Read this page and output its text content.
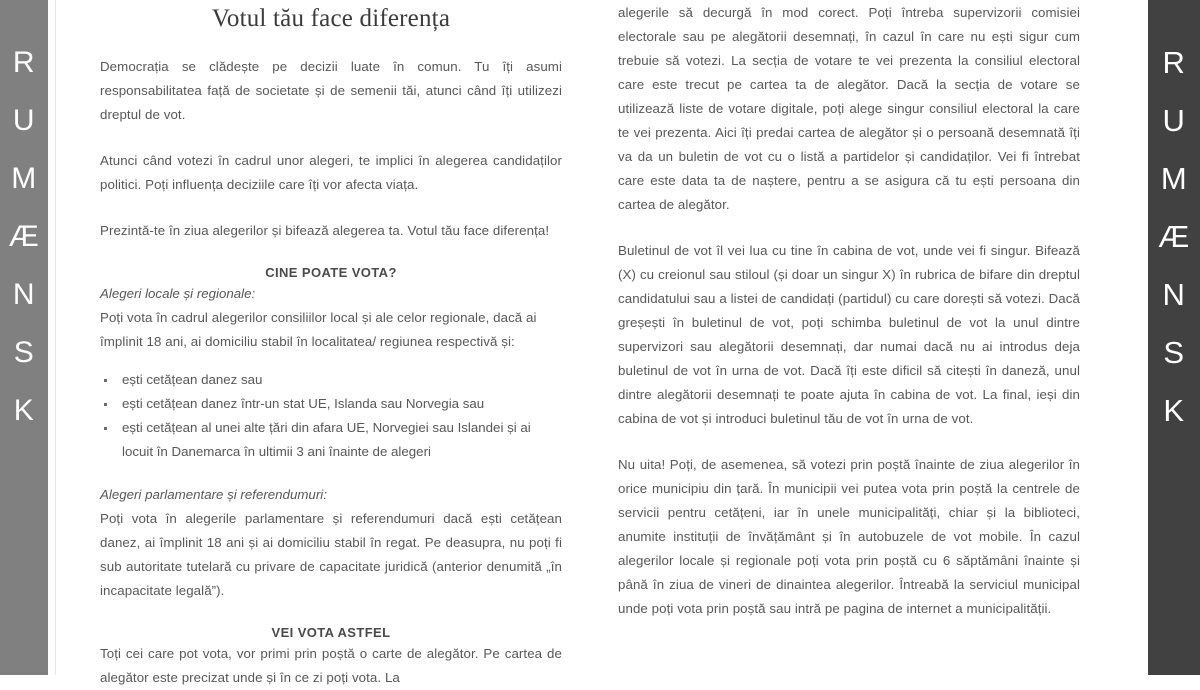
R
U
M
Æ
N
S
K
R
U
M
Æ
N
S
K
Votul tău face diferența

Democrația se clădește pe decizii luate în comun. Tu îți asumi responsabilitatea față de societate și de semenii tăi, atunci când îți utilizezi dreptul de vot.

Atunci când votezi în cadrul unor alegeri, te implici în alegerea candidaților politici. Poți influența deciziile care îți vor afecta viața.

Prezintă-te în ziua alegerilor și bifează alegerea ta. Votul tău face diferența!

CINE POATE VOTA?
Alegeri locale și regionale:

Poți vota în cadrul alegerilor consiliilor local și ale celor regionale, dacă ai împlinit 18 ani, ai domiciliu stabil în localitatea/ regiunea respectivă și:

ești cetățean danez sau
ești cetățean danez într-un stat UE, Islanda sau Norvegia sau
ești cetățean al unei alte țări din afara UE, Norvegiei sau Islandei și ai locuit în Danemarca în ultimii 3 ani înainte de alegeri
Alegeri parlamentare și referendumuri:

Poți vota în alegerile parlamentare și referendumuri dacă ești cetățean danez, ai împlinit 18 ani și ai domiciliu stabil în regat. Pe deasupra, nu poți fi sub autoritate tutelară cu privare de capacitate juridică (anterior denumită „în incapacitate legală”).

VEI VOTA ASTFEL

Toți cei care pot vota, vor primi prin poștă o carte de alegător. Pe cartea de alegător este precizat unde și în ce zi poți vota. La

alegerile să decurgă în mod corect. Poți întreba supervizorii comisiei electorale sau pe alegătorii desemnați, în cazul în care nu ești sigur cum trebuie să votezi. La secția de votare te vei prezenta la consiliul electoral care este trecut pe cartea ta de alegător. Dacă la secția de votare se utilizează liste de votare digitale, poți alege singur consiliul electoral la care te vei prezenta. Aici îți predai cartea de alegător și o persoană desemnată îți va da un buletin de vot cu o listă a partidelor și candidaților. Vei fi întrebat care este data ta de naștere, pentru a se asigura că tu ești persoana din cartea de alegător.

Buletinul de vot îl vei lua cu tine în cabina de vot, unde vei fi singur. Bifează (X) cu creionul sau stiloul (și doar un singur X) în rubrica de bifare din dreptul candidatului sau a listei de candidați (partidul) cu care dorești să votezi. Dacă greșești în buletinul de vot, poți schimba buletinul de vot la unul dintre supervizori sau alegătorii desemnați, dar numai dacă nu ai introdus deja buletinul de vot în urna de vot. Dacă îți este dificil să citești în daneză, unul dintre alegătorii desemnați te poate ajuta în cabina de vot. La final, ieși din cabina de vot și introduci buletinul tău de vot în urna de vot.

Nu uita! Poți, de asemenea, să votezi prin poștă înainte de ziua alegerilor în orice municipiu din țară. În municipii vei putea vota prin poștă la centrele de servicii pentru cetățeni, iar în unele municipalități, chiar și la biblioteci, anumite instituții de învățământ și în autobuzele de vot mobile. În cazul alegerilor locale și regionale poți vota prin poștă cu 6 săptămâni înainte și până în ziua de vineri de dinaintea alegerilor. Întreabă la serviciul municipal unde poți vota prin poștă sau intră pe pagina de internet a municipalității.
